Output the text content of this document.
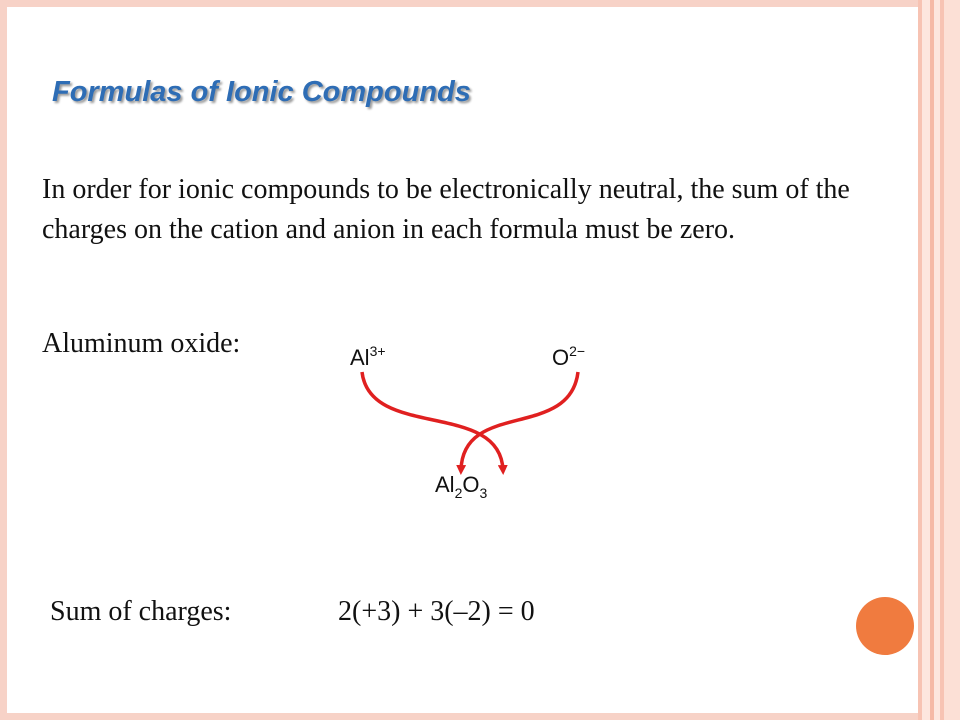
Formulas of Ionic Compounds

In order for ionic compounds to be electronically neutral, the sum of the charges on the cation and anion in each formula must be zero.

Aluminum oxide:	$Al^{3+}$	$O^{2-}$
$Al_2O_3$
Sum of charges:	2(+3) + 3(–2) = 0
